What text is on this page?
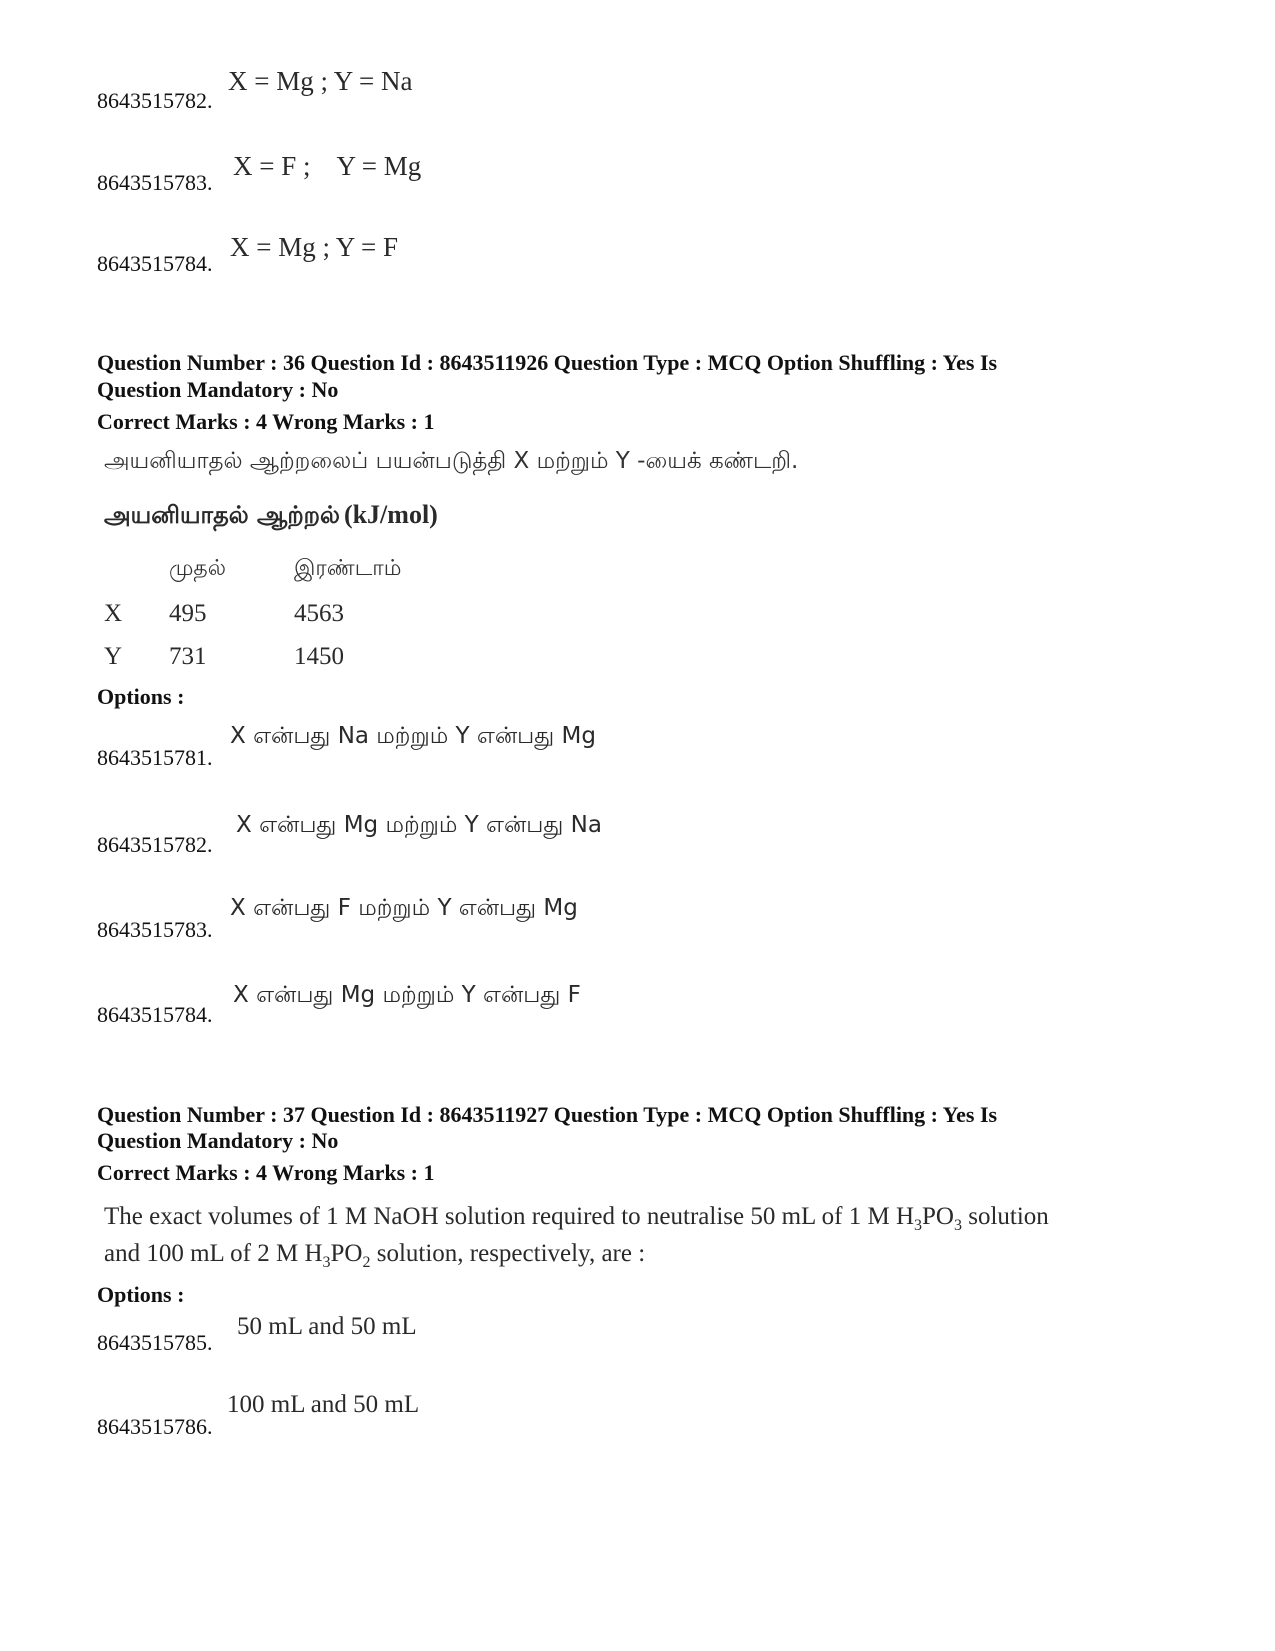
8643515782.
X = Mg ; Y = Na
8643515783.
X = F ;    Y = Mg
8643515784.
X = Mg ; Y = F
Question Number : 36 Question Id : 8643511926 Question Type : MCQ Option Shuffling : Yes Is
Question Mandatory : No
Correct Marks : 4 Wrong Marks : 1
அயனியாதல் ஆற்றலைப் பயன்படுத்தி X மற்றும் Y -யைக் கண்டறி.
அயனியாதல் ஆற்றல் (kJ/mol)
முதல்	இரண்டாம்
X 495	4563
Y 731	1450
Options :
8643515781.
X என்பது Na மற்றும் Y என்பது Mg
8643515782.
X என்பது Mg மற்றும் Y என்பது Na
8643515783.
X என்பது F மற்றும் Y என்பது Mg
8643515784.
X என்பது Mg மற்றும் Y என்பது F
Question Number : 37 Question Id : 8643511927 Question Type : MCQ Option Shuffling : Yes Is
Question Mandatory : No
Correct Marks : 4 Wrong Marks : 1
The exact volumes of 1 M NaOH solution required to neutralise 50 mL of 1 M $H_3PO_3$ solution
and 100 mL of 2 M $H_3PO_2$ solution, respectively, are :
Options :
8643515785.
50 mL and 50 mL
8643515786.
100 mL and 50 mL
